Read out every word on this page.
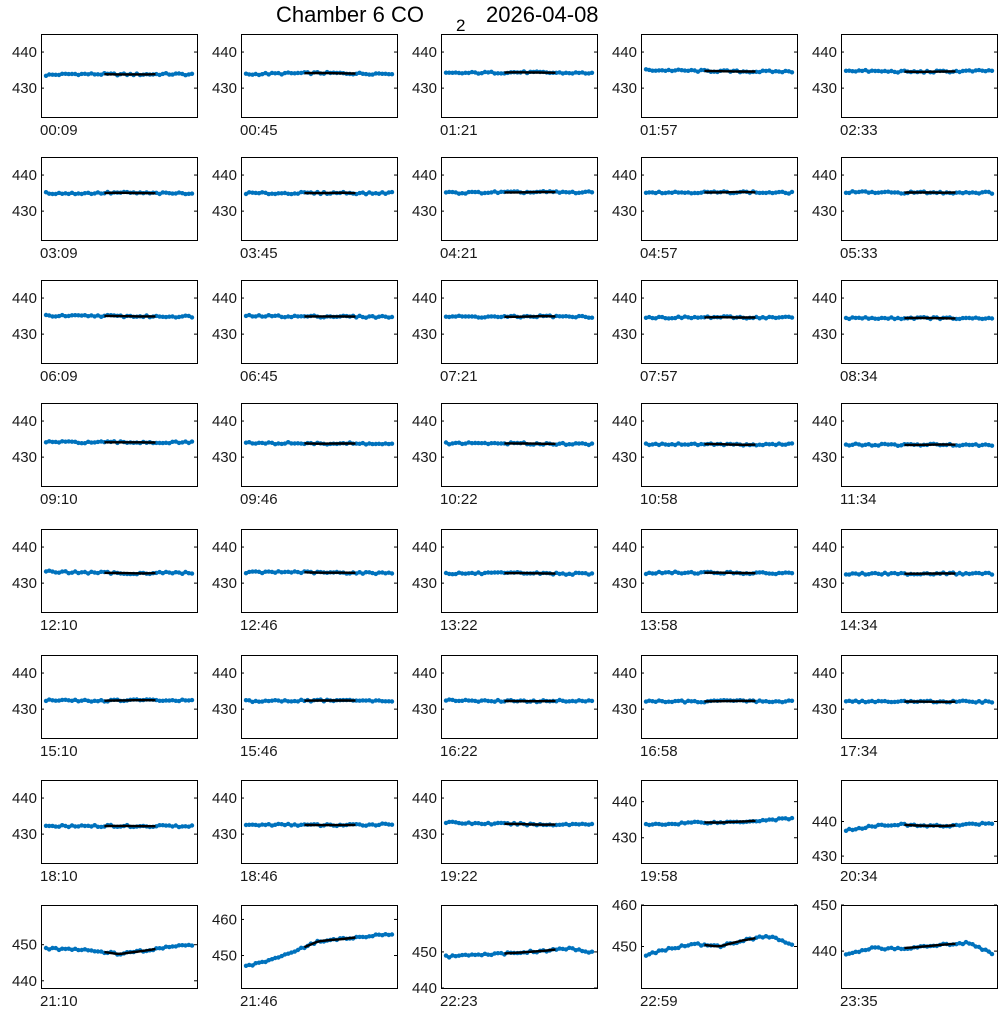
Chamber 6 CO 2 2026-04-08
430
440
00:09
430
440
00:45
430
440
01:21
430
440
01:57
430
440
02:33
430
440
03:09
430
440
03:45
430
440
04:21
430
440
04:57
430
440
05:33
430
440
06:09
430
440
06:45
430
440
07:21
430
440
07:57
430
440
08:34
430
440
09:10
430
440
09:46
430
440
10:22
430
440
10:58
430
440
11:34
430
440
12:10
430
440
12:46
430
440
13:22
430
440
13:58
430
440
14:34
430
440
15:10
430
440
15:46
430
440
16:22
430
440
16:58
430
440
17:34
430
440
18:10
430
440
18:46
430
440
19:22
430
440
19:58
430
440
20:34
440
450
21:10
450
460
21:46
440
450
22:23
450
460
22:59
440
450
23:35
